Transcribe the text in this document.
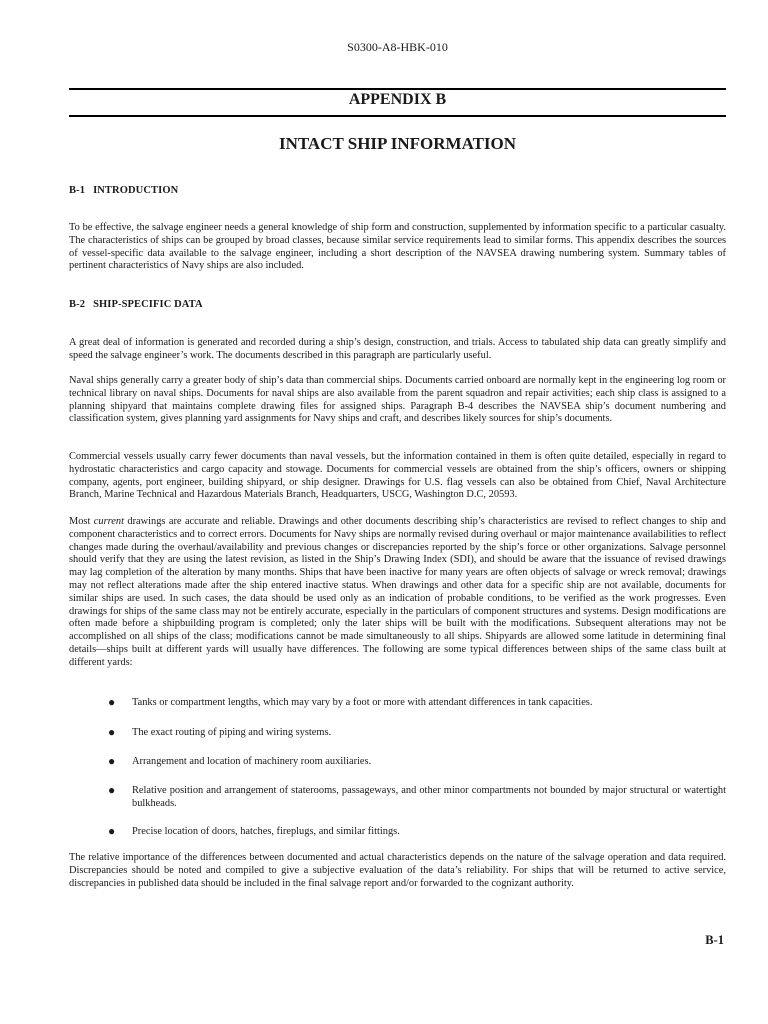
S0300-A8-HBK-010
APPENDIX B
INTACT SHIP INFORMATION
B-1 INTRODUCTION

To be effective, the salvage engineer needs a general knowledge of ship form and construction, supplemented by information specific to a particular casualty. The characteristics of ships can be grouped by broad classes, because similar service requirements lead to similar forms. This appendix describes the sources of vessel-specific data available to the salvage engineer, including a short description of the NAVSEA drawing numbering system. Summary tables of pertinent characteristics of Navy ships are also included.

B-2 SHIP-SPECIFIC DATA

A great deal of information is generated and recorded during a ship’s design, construction, and trials. Access to tabulated ship data can greatly simplify and speed the salvage engineer’s work. The documents described in this paragraph are particularly useful.

Naval ships generally carry a greater body of ship’s data than commercial ships. Documents carried onboard are normally kept in the engineering log room or technical library on naval ships. Documents for naval ships are also available from the parent squadron and repair activities; each ship class is assigned to a planning shipyard that maintains complete drawing files for assigned ships. Paragraph B-4 describes the NAVSEA ship’s document numbering and classification system, gives planning yard assignments for Navy ships and craft, and describes likely sources for ship’s documents.

Commercial vessels usually carry fewer documents than naval vessels, but the information contained in them is often quite detailed, especially in regard to hydrostatic characteristics and cargo capacity and stowage. Documents for commercial vessels are obtained from the ship’s officers, owners or shipping company, agents, port engineer, building shipyard, or ship designer. Drawings for U.S. flag vessels can also be obtained from Chief, Naval Architecture Branch, Marine Technical and Hazardous Materials Branch, Headquarters, USCG, Washington D.C, 20593.

Most current drawings are accurate and reliable. Drawings and other documents describing ship’s characteristics are revised to reflect changes to ship and component characteristics and to correct errors. Documents for Navy ships are normally revised during overhaul or major maintenance availabilities to reflect changes made during the overhaul/availability and previous changes or discrepancies reported by the ship’s force or other organizations. Salvage personnel should verify that they are using the latest revision, as listed in the Ship’s Drawing Index (SDI), and should be aware that the issuance of revised drawings may lag completion of the alteration by many months. Ships that have been inactive for many years are often objects of salvage or wreck removal; drawings may not reflect alterations made after the ship entered inactive status. When drawings and other data for a specific ship are not available, documents for similar ships are used. In such cases, the data should be used only as an indication of probable conditions, to be verified as the work progresses. Even drawings for ships of the same class may not be entirely accurate, especially in the particulars of component structures and systems. Design modifications are often made before a shipbuilding program is completed; only the later ships will be built with the modifications. Subsequent alterations may not be accomplished on all ships of the class; modifications cannot be made simultaneously to all ships. Shipyards are allowed some latitude in determining final details—ships built at different yards will usually have differences. The following are some typical differences between ships of the same class built at different yards:

● Tanks or compartment lengths, which may vary by a foot or more with attendant differences in tank capacities.
● The exact routing of piping and wiring systems.
● Arrangement and location of machinery room auxiliaries.
● Relative position and arrangement of staterooms, passageways, and other minor compartments not bounded by major structural or watertight bulkheads.
● Precise location of doors, hatches, fireplugs, and similar fittings.

The relative importance of the differences between documented and actual characteristics depends on the nature of the salvage operation and data required. Discrepancies should be noted and compiled to give a subjective evaluation of the data’s reliability. For ships that will be returned to active service, discrepancies in published data should be included in the final salvage report and/or forwarded to the cognizant authority.

B-1
